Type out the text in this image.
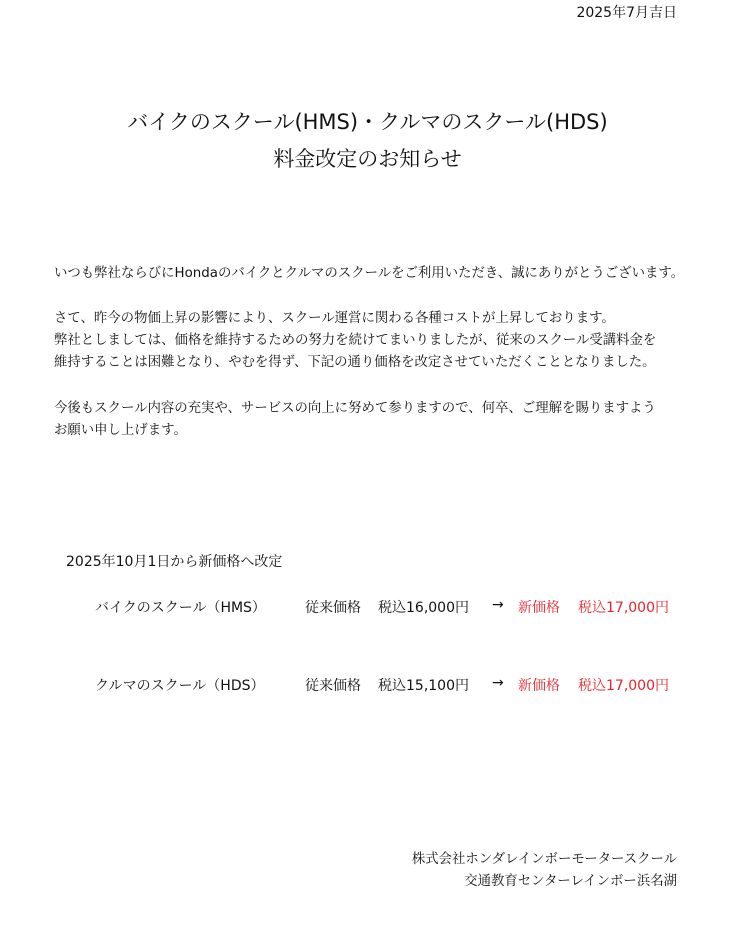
2025年7月吉日
バイクのスクール(HMS)・クルマのスクール(HDS)
料金改定のお知らせ
いつも弊社ならびにHondaのバイクとクルマのスクールをご利用いただき、誠にありがとうございます。
さて、昨今の物価上昇の影響により、スクール運営に関わる各種コストが上昇しております。
弊社としましては、価格を維持するための努力を続けてまいりましたが、従来のスクール受講料金を
維持することは困難となり、やむを得ず、下記の通り価格を改定させていただくこととなりました。
今後もスクール内容の充実や、サービスの向上に努めて参りますので、何卒、ご理解を賜りますよう
お願い申し上げます。
2025年10月1日から新価格へ改定
バイクのスクール（HMS）	従来価格 税込16,000円 → 新価格 税込17,000円
クルマのスクール（HDS）	従来価格 税込15,100円 → 新価格 税込17,000円
株式会社ホンダレインボーモータースクール
交通教育センターレインボー浜名湖
